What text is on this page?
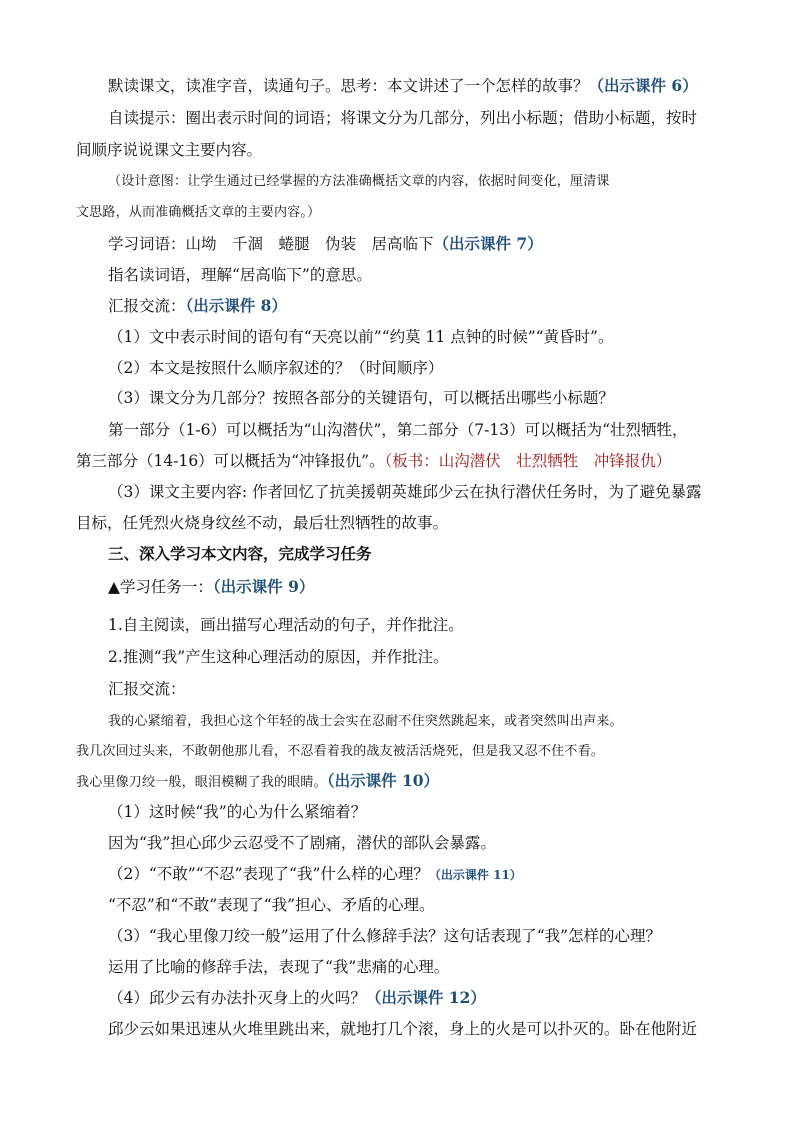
默读课文，读准字音，读通句子。思考：本文讲述了一个怎样的故事？（出示课件 6）
自读提示：圈出表示时间的词语；将课文分为几部分，列出小标题；借助小标题，按时
间顺序说说课文主要内容。
（设计意图：让学生通过已经掌握的方法准确概括文章的内容，依据时间变化，厘清课
文思路，从而准确概括文章的主要内容。）
学习词语：山坳　千涸　蜷腿　伪装　居高临下（出示课件 7）
指名读词语，理解“居高临下”的意思。
汇报交流：（出示课件 8）
（1）文中表示时间的语句有“天亮以前”“约莫 11 点钟的时候”“黄昏时”。
（2）本文是按照什么顺序叙述的？（时间顺序）
（3）课文分为几部分？按照各部分的关键语句，可以概括出哪些小标题？
第一部分（1-6）可以概括为“山沟潜伏”，第二部分（7-13）可以概括为“壮烈牺牲，
第三部分（14-16）可以概括为“冲锋报仇”。（板书：山沟潜伏　壮烈牺牲　冲锋报仇）
（3）课文主要内容: 作者回忆了抗美援朝英雄邱少云在执行潜伏任务时，为了避免暴露
目标，任凭烈火烧身纹丝不动，最后壮烈牺牲的故事。
三、深入学习本文内容，完成学习任务
▲学习任务一：（出示课件 9）
1.自主阅读，画出描写心理活动的句子，并作批注。
2.推测“我”产生这种心理活动的原因，并作批注。
汇报交流：
我的心紧缩着，我担心这个年轻的战士会实在忍耐不住突然跳起来，或者突然叫出声来。
我几次回过头来，不敢朝他那儿看，不忍看着我的战友被活活烧死，但是我又忍不住不看。
我心里像刀绞一般，眼泪模糊了我的眼睛。（出示课件 10）
（1）这时候“我”的心为什么紧缩着？
因为“我”担心邱少云忍受不了剧痛，潜伏的部队会暴露。
（2）“不敢”“不忍”表现了“我”什么样的心理？（出示课件 11）
“不忍”和“不敢”表现了“我”担心、矛盾的心理。
（3）“我心里像刀绞一般”运用了什么修辞手法？这句话表现了“我”怎样的心理？
运用了比喻的修辞手法，表现了“我”悲痛的心理。
（4）邱少云有办法扑灭身上的火吗？（出示课件 12）
邱少云如果迅速从火堆里跳出来，就地打几个滚，身上的火是可以扑灭的。卧在他附近
